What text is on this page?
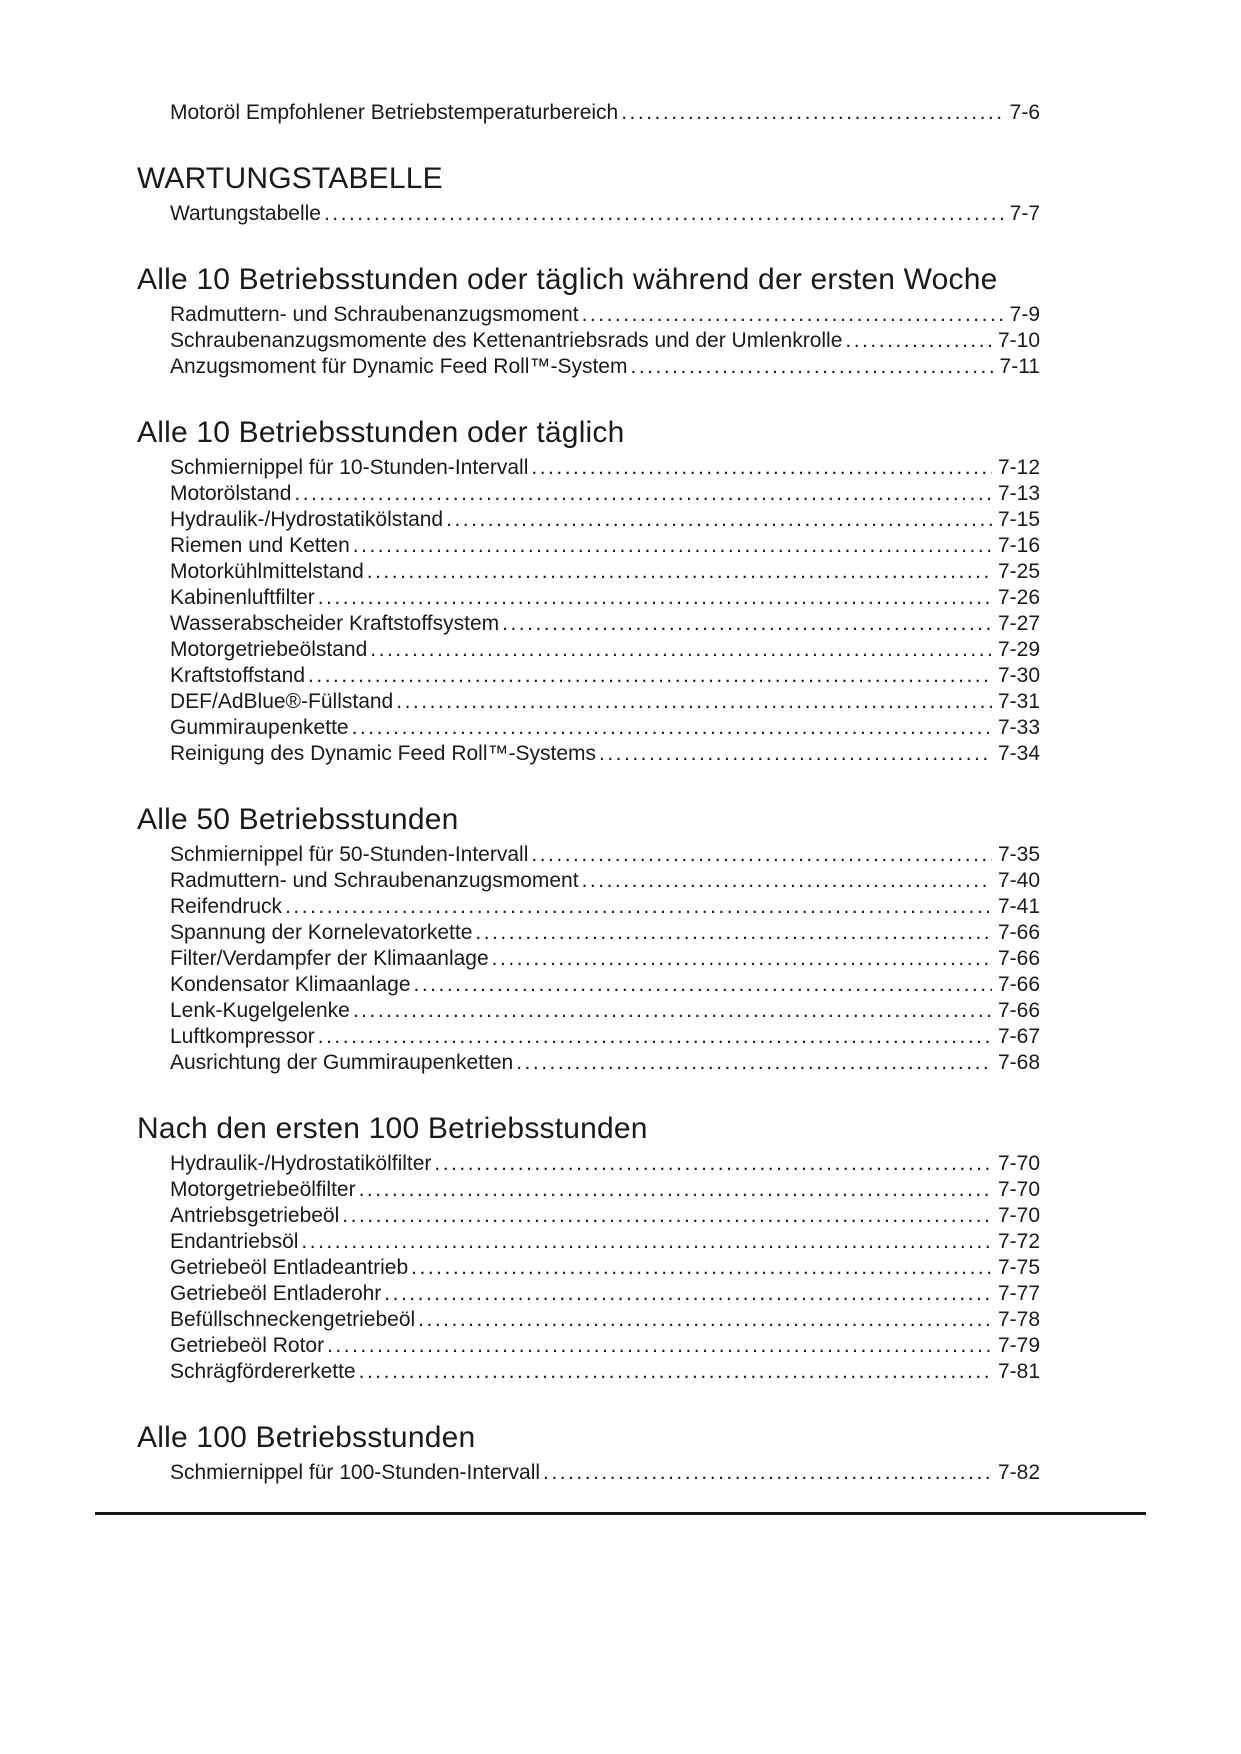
Motoröl Empfohlener Betriebstemperaturbereich .....	7-6
WARTUNGSTABELLE
Wartungstabelle .....	7-7
Alle 10 Betriebsstunden oder täglich während der ersten Woche
Radmuttern- und Schraubenanzugsmoment .....	7-9
Schraubenanzugsmomente des Kettenantriebsrads und der Umlenkrolle .....	7-10
Anzugsmoment für Dynamic Feed Roll™-System .....	7-11
Alle 10 Betriebsstunden oder täglich
Schmiernippel für 10-Stunden-Intervall .....	7-12
Motorölstand .....	7-13
Hydraulik-/Hydrostatikölstand .....	7-15
Riemen und Ketten .....	7-16
Motorkühlmittelstand .....	7-25
Kabinenluftfilter .....	7-26
Wasserabscheider Kraftstoffsystem .....	7-27
Motorgetriebeölstand .....	7-29
Kraftstoffstand .....	7-30
DEF/AdBlue®-Füllstand .....	7-31
Gummiraupenkette .....	7-33
Reinigung des Dynamic Feed Roll™-Systems .....	7-34
Alle 50 Betriebsstunden
Schmiernippel für 50-Stunden-Intervall .....	7-35
Radmuttern- und Schraubenanzugsmoment .....	7-40
Reifendruck .....	7-41
Spannung der Kornelevatorkette .....	7-66
Filter/Verdampfer der Klimaanlage .....	7-66
Kondensator Klimaanlage .....	7-66
Lenk-Kugelgelenke .....	7-66
Luftkompressor .....	7-67
Ausrichtung der Gummiraupenketten .....	7-68
Nach den ersten 100 Betriebsstunden
Hydraulik-/Hydrostatikölfilter .....	7-70
Motorgetriebeölfilter .....	7-70
Antriebsgetriebeöl .....	7-70
Endantriebsöl .....	7-72
Getriebeöl Entladeantrieb .....	7-75
Getriebeöl Entladerohr .....	7-77
Befüllschneckengetriebeöl .....	7-78
Getriebeöl Rotor .....	7-79
Schrägfördererkette .....	7-81
Alle 100 Betriebsstunden
Schmiernippel für 100-Stunden-Intervall .....	7-82
